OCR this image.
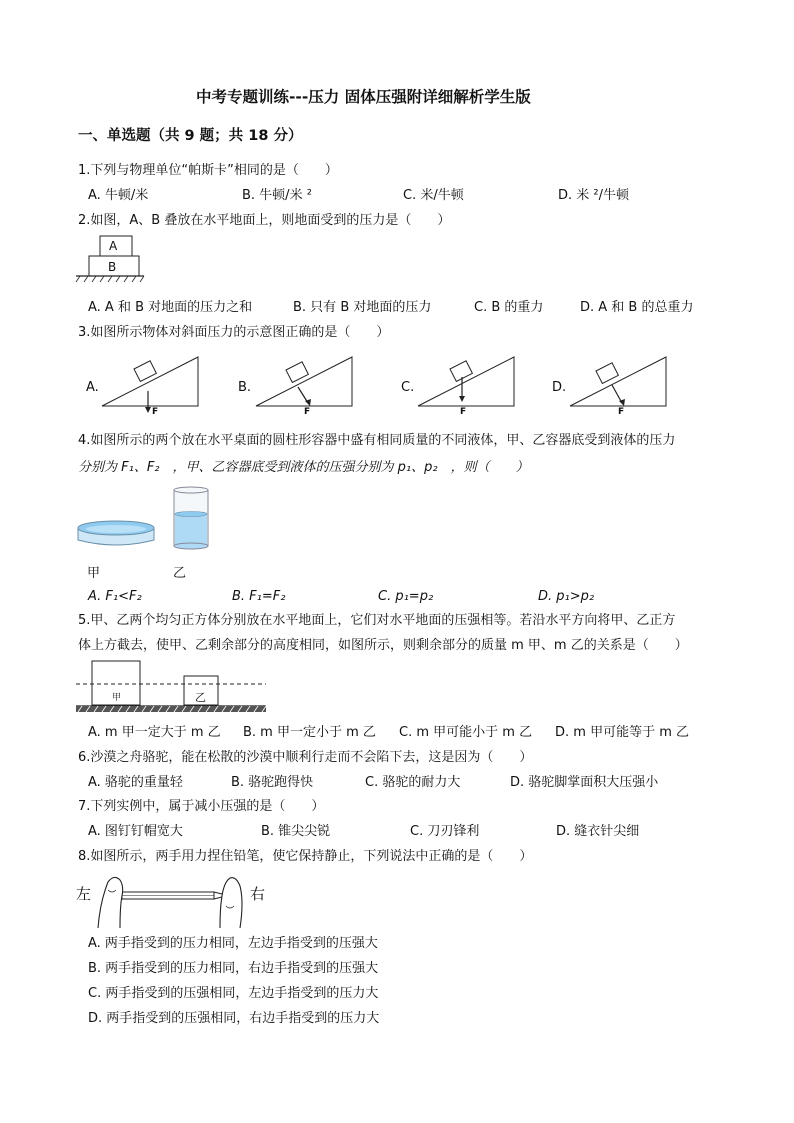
中考专题训练---压力 固体压强附详细解析学生版
一、单选题（共 9 题；共 18 分）
1.下列与物理单位“帕斯卡”相同的是（　　）
A. 牛顿/米	B. 牛顿/米 ²	C. 米/牛顿	D. 米 ²/牛顿
2.如图，A、B 叠放在水平地面上，则地面受到的压力是（　　）
A
B
A. A 和 B 对地面的压力之和	B. 只有 B 对地面的压力	C. B 的重力	D. A 和 B 的总重力
3.如图所示物体对斜面压力的示意图正确的是（　　）
A.
F
B.
F
C.
F
D.
F
4.如图所示的两个放在水平桌面的圆柱形容器中盛有相同质量的不同液体，甲、乙容器底受到液体的压力
分别为 F₁、F₂　，甲、乙容器底受到液体的压强分别为 p₁、p₂　，则（　　）
甲	乙
A. F₁<F₂	B. F₁=F₂	C. p₁=p₂	D. p₁>p₂
5.甲、乙两个均匀正方体分别放在水平地面上，它们对水平地面的压强相等。若沿水平方向将甲、乙正方
体上方截去，使甲、乙剩余部分的高度相同，如图所示，则剩余部分的质量 m 甲、m 乙的关系是（　　）
甲	乙
A. m 甲一定大于 m 乙 B. m 甲一定小于 m 乙 C. m 甲可能小于 m 乙 D. m 甲可能等于 m 乙
6.沙漠之舟骆驼，能在松散的沙漠中顺利行走而不会陷下去，这是因为（　　）
A. 骆驼的重量轻	B. 骆驼跑得快	C. 骆驼的耐力大	D. 骆驼脚掌面积大压强小
7.下列实例中，属于减小压强的是（　　）
A. 图钉钉帽宽大	B. 锥尖尖锐	C. 刀刃锋利	D. 缝衣针尖细
8.如图所示，两手用力捏住铅笔，使它保持静止，下列说法中正确的是（　　）
左	右
A. 两手指受到的压力相同，左边手指受到的压强大
B. 两手指受到的压力相同，右边手指受到的压强大
C. 两手指受到的压强相同，左边手指受到的压力大
D. 两手指受到的压强相同，右边手指受到的压力大
